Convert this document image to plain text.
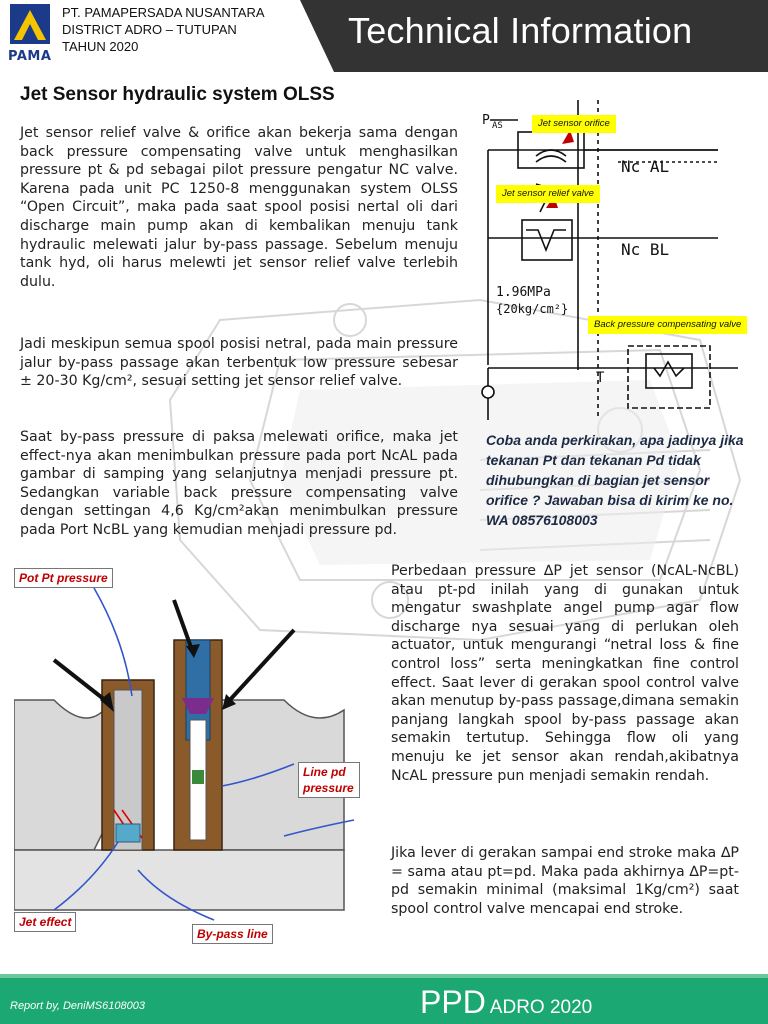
PAMA
PT. PAMAPERSADA NUSANTARA
DISTRICT ADRO – TUTUPAN
TAHUN 2020	Technical Information
Jet Sensor hydraulic system OLSS

Jet sensor relief valve & orifice akan bekerja sama dengan back pressure compensating valve untuk menghasilkan pressure pt & pd sebagai pilot pressure pengatur NC valve. Karena pada unit PC 1250-8 menggunakan system OLSS “Open Circuit”, maka pada saat spool posisi nertal oli dari discharge main pump akan di kembalikan menuju tank hydraulic melewati jalur by-pass passage. Sebelum menuju tank hyd, oli harus melewti jet sensor relief valve terlebih dulu.

Jadi meskipun semua spool posisi netral, pada main pressure jalur by-pass passage akan terbentuk low pressure sebesar ± 20-30 Kg/cm², sesuai setting jet sensor relief valve.

Saat by-pass pressure di paksa melewati orifice, maka jet effect-nya akan menimbulkan pressure pada port NcAL pada gambar di samping yang selanjutnya menjadi pressure pt. Sedangkan variable back pressure compensating valve dengan settingan 4,6 Kg/cm²akan menimbulkan pressure pada Port NcBL yang kemudian menjadi pressure pd.

P AS
Nc AL
Nc BL
T
1.96MPa
{20kg/cm²}
Jet sensor orifice
Jet sensor relief valve
Back pressure compensating valve

Coba anda perkirakan, apa jadinya jika tekanan Pt dan tekanan Pd tidak dihubungkan di bagian jet sensor orifice ? Jawaban bisa di kirim ke no. WA 08576108003

Pot Pt pressure
Line pd pressure
Jet effect
By-pass line

Perbedaan pressure ∆P jet sensor (NcAL-NcBL) atau pt-pd inilah yang di gunakan untuk mengatur swashplate angel pump agar flow discharge nya sesuai yang di perlukan oleh actuator, untuk mengurangi “netral loss & fine control loss” serta meningkatkan fine control effect. Saat lever di gerakan spool control valve akan menutup by-pass passage,dimana semakin panjang langkah spool by-pass passage akan semakin tertutup. Sehingga flow oli yang menuju ke jet sensor akan rendah,akibatnya NcAL pressure pun menjadi semakin rendah.

Jika lever di gerakan sampai end stroke maka ∆P = sama atau pt=pd. Maka pada akhirnya ∆P=pt-pd semakin minimal (maksimal 1Kg/cm²) saat spool control valve mencapai end stroke.

Report by, DeniMS6108003	PPD ADRO 2020
